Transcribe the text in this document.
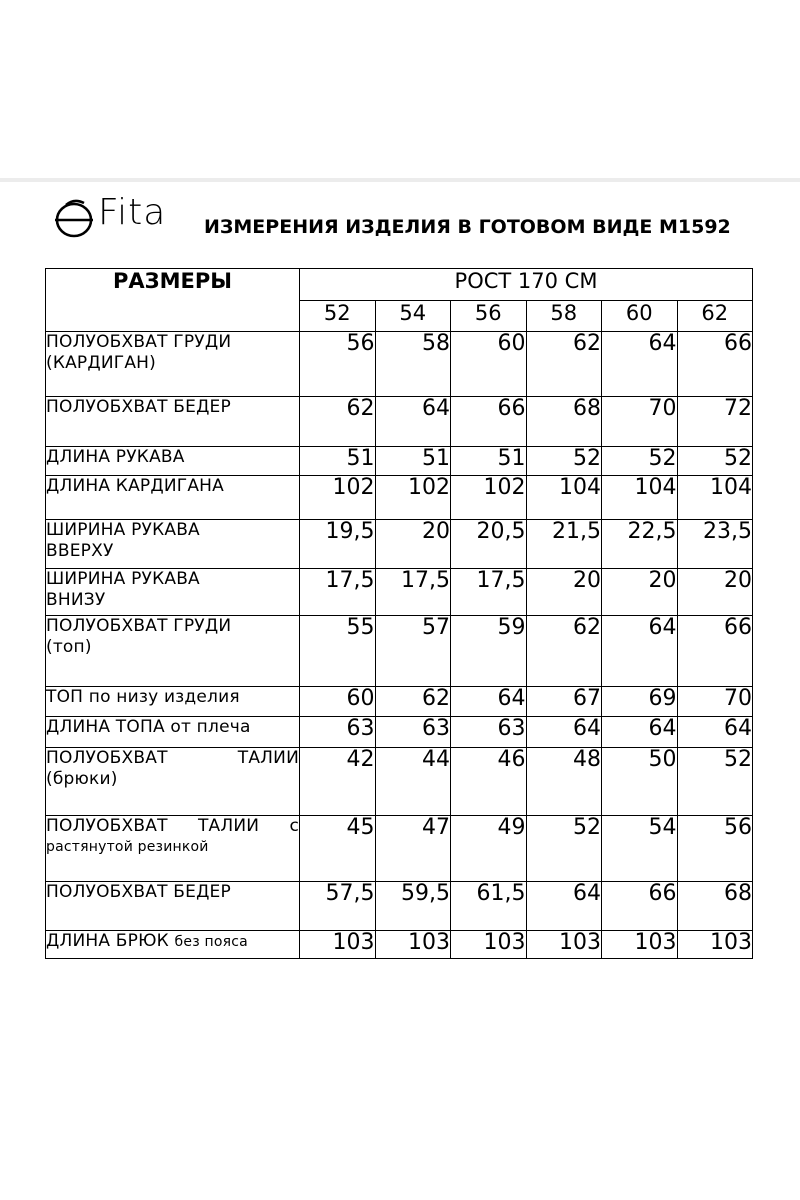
Fita ИЗМЕРЕНИЯ ИЗДЕЛИЯ В ГОТОВОМ ВИДЕ М1592
РАЗМЕРЫ	РОСТ 170 СМ					
	52	54	56	58	60	62

ПОЛУОБХВАТ ГРУДИ
(КАРДИГАН)	56	58	60	62	64	66

ПОЛУОБХВАТ БЕДЕР	62	64	66	68	70	72

ДЛИНА РУКАВА	51	51	51	52	52	52

ДЛИНА КАРДИГАНА	102	102	102	104	104	104

ШИРИНА РУКАВА
ВВЕРХУ	19,5	20	20,5	21,5	22,5	23,5

ШИРИНА РУКАВА
ВНИЗУ	17,5	17,5	17,5	20	20	20

ПОЛУОБХВАТ ГРУДИ
(топ)	55	57	59	62	64	66

ТОП по низу изделия	60	62	64	67	69	70

ДЛИНА ТОПА от плеча	63	63	63	64	64	64

ПОЛУОБХВАТ ТАЛИИ
(брюки)	42	44	46	48	50	52

ПОЛУОБХВАТ ТАЛИИ с
растянутой резинкой	45	47	49	52	54	56

ПОЛУОБХВАТ БЕДЕР	57,5	59,5	61,5	64	66	68
ДЛИНА БРЮК без пояса	103	103	103	103	103	103
